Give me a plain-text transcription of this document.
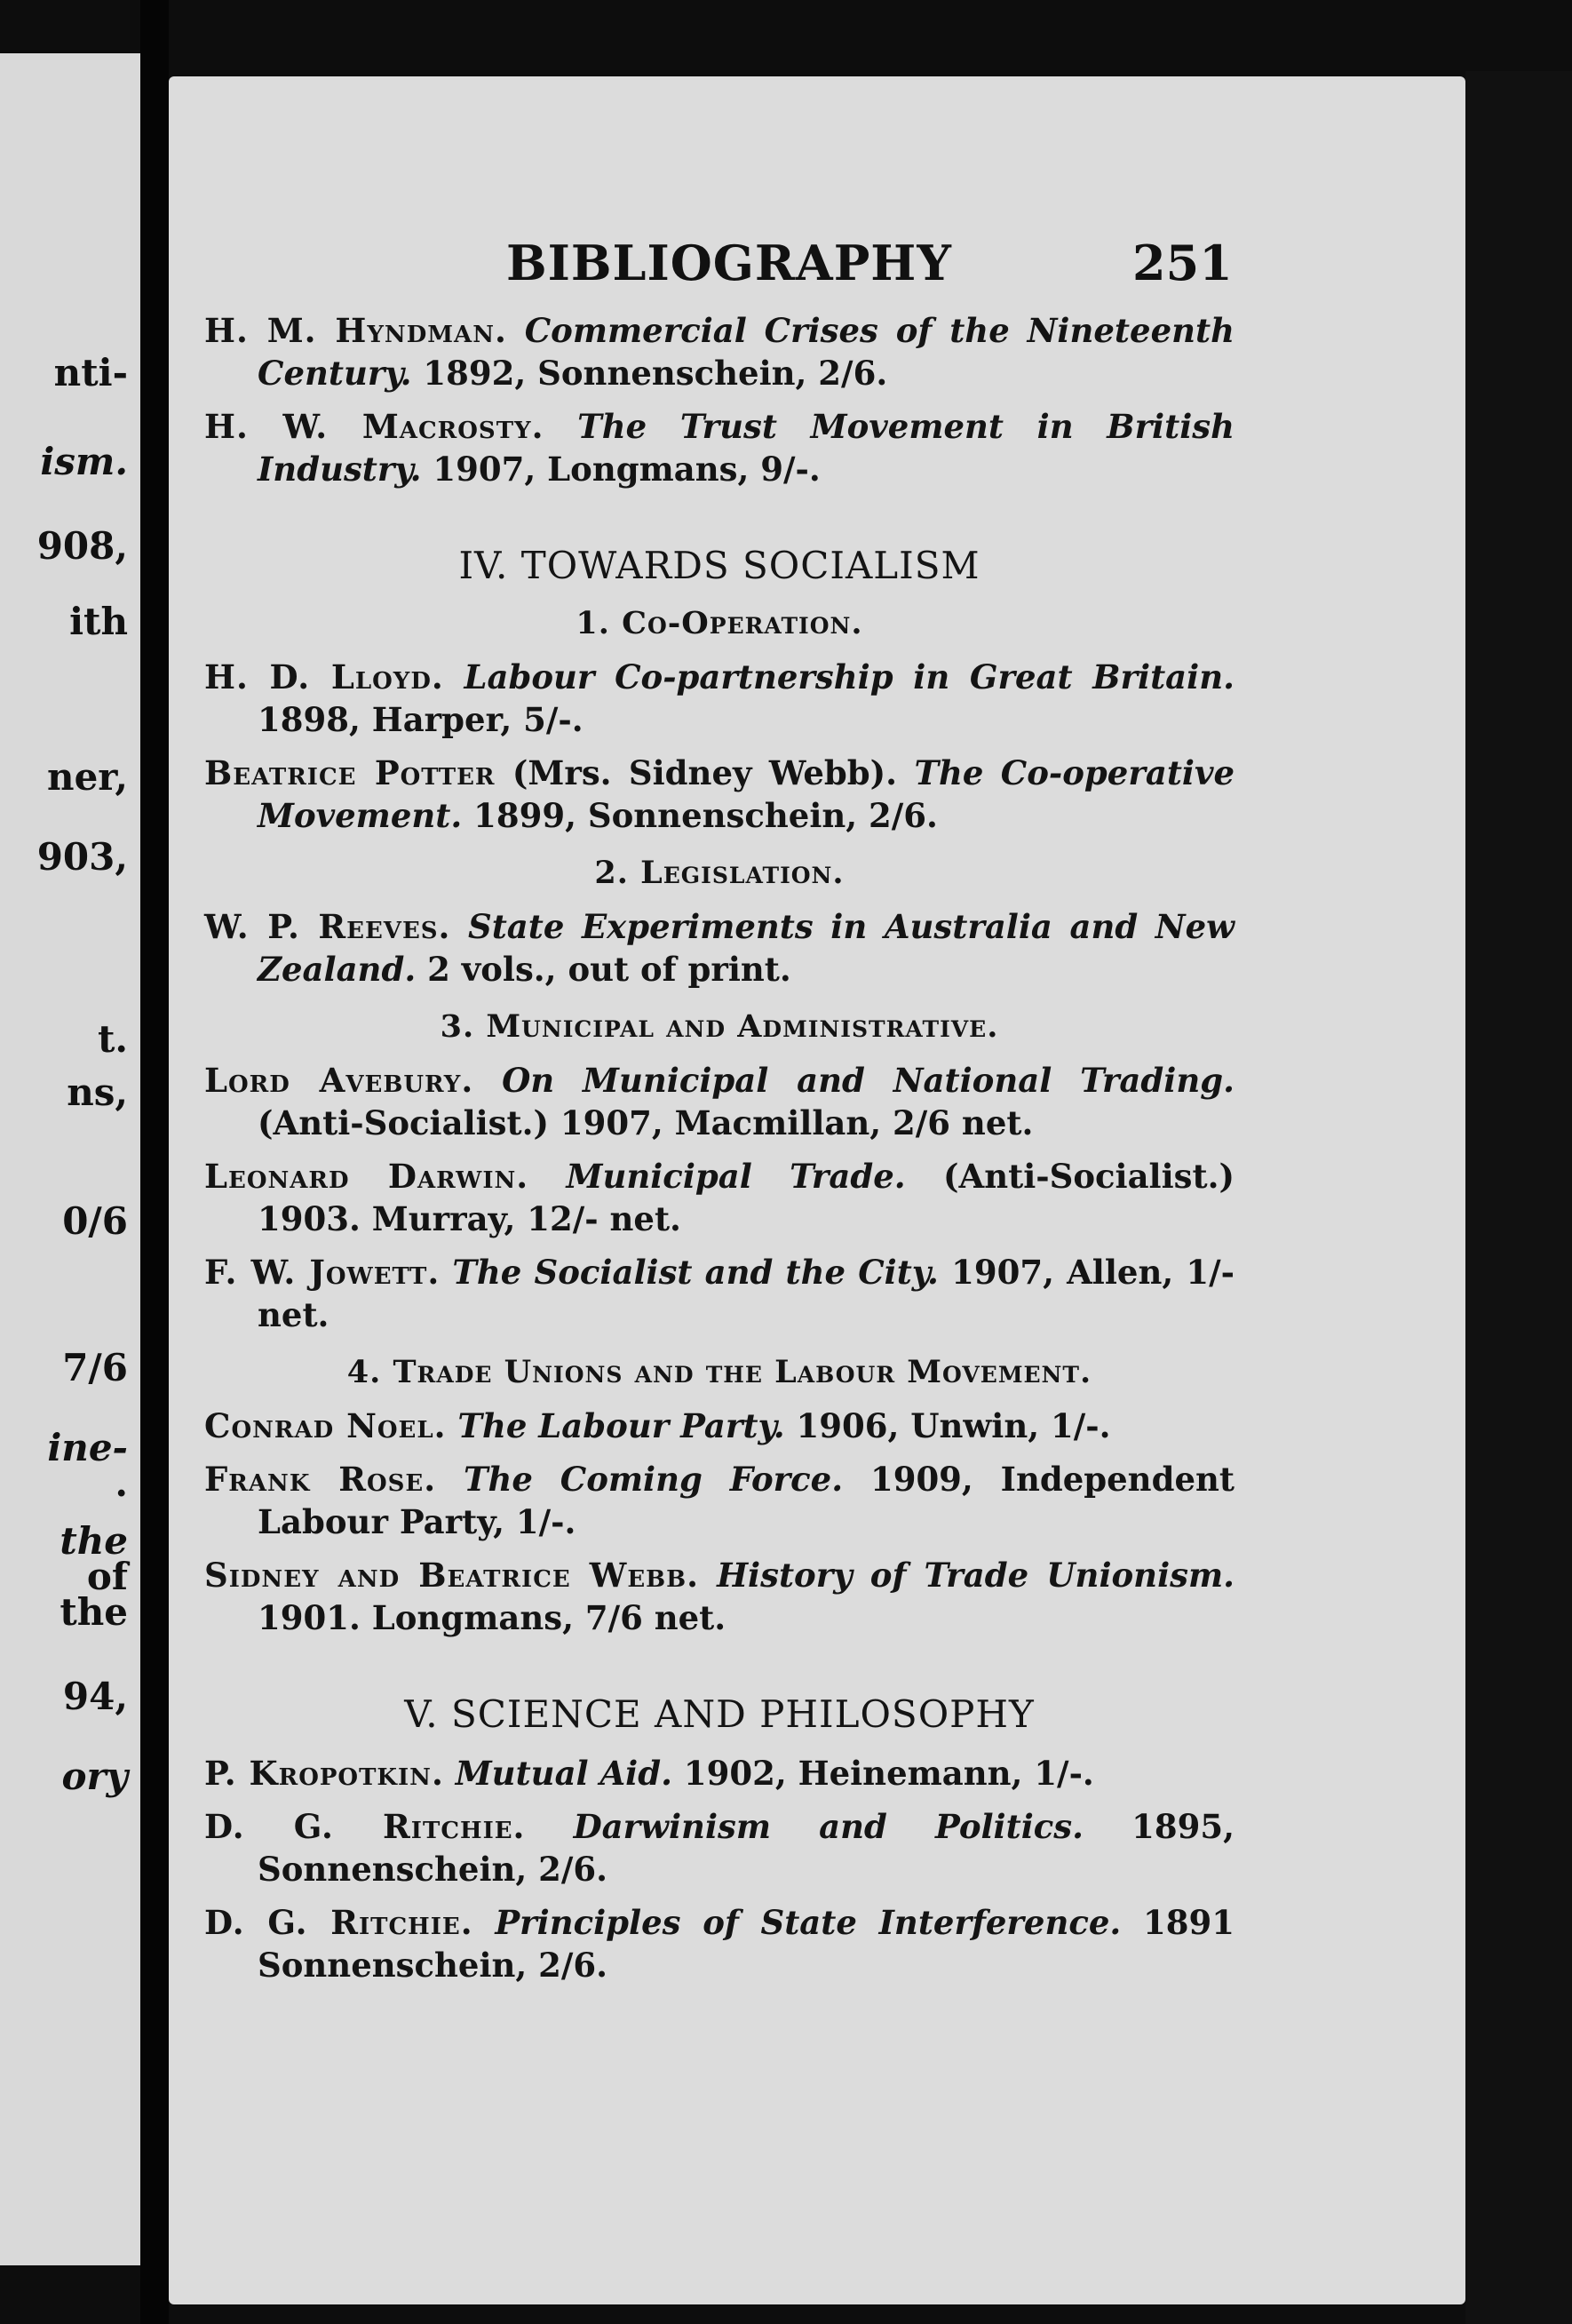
nti-
ism.
908,
ith
ner,
903,
t.
ns,
0/6
7/6
ine-
.
the
of
the
94,
ory
BIBLIOGRAPHY	251
H. M. Hyndman. Commercial Crises of the Nineteenth Century. 1892, Sonnenschein, 2/6.
H. W. Macrosty. The Trust Movement in British Industry. 1907, Longmans, 9/-.
IV. TOWARDS SOCIALISM
1. Co-Operation.
H. D. Lloyd. Labour Co-partnership in Great Britain. 1898, Harper, 5/-.
Beatrice Potter (Mrs. Sidney Webb). The Co-operative Movement. 1899, Sonnenschein, 2/6.
2. Legislation.
W. P. Reeves. State Experiments in Australia and New Zealand. 2 vols., out of print.
3. Municipal and Administrative.
Lord Avebury. On Municipal and National Trading. (Anti-Socialist.) 1907, Macmillan, 2/6 net.
Leonard Darwin. Municipal Trade. (Anti-Socialist.) 1903. Murray, 12/- net.
F. W. Jowett. The Socialist and the City. 1907, Allen, 1/- net.
4. Trade Unions and the Labour Movement.
Conrad Noel. The Labour Party. 1906, Unwin, 1/-.
Frank Rose. The Coming Force. 1909, Independent Labour Party, 1/-.
Sidney and Beatrice Webb. History of Trade Unionism. 1901. Longmans, 7/6 net.
V. SCIENCE AND PHILOSOPHY
P. Kropotkin. Mutual Aid. 1902, Heinemann, 1/-.
D. G. Ritchie. Darwinism and Politics. 1895, Sonnenschein, 2/6.
D. G. Ritchie. Principles of State Interference. 1891 Sonnenschein, 2/6.
